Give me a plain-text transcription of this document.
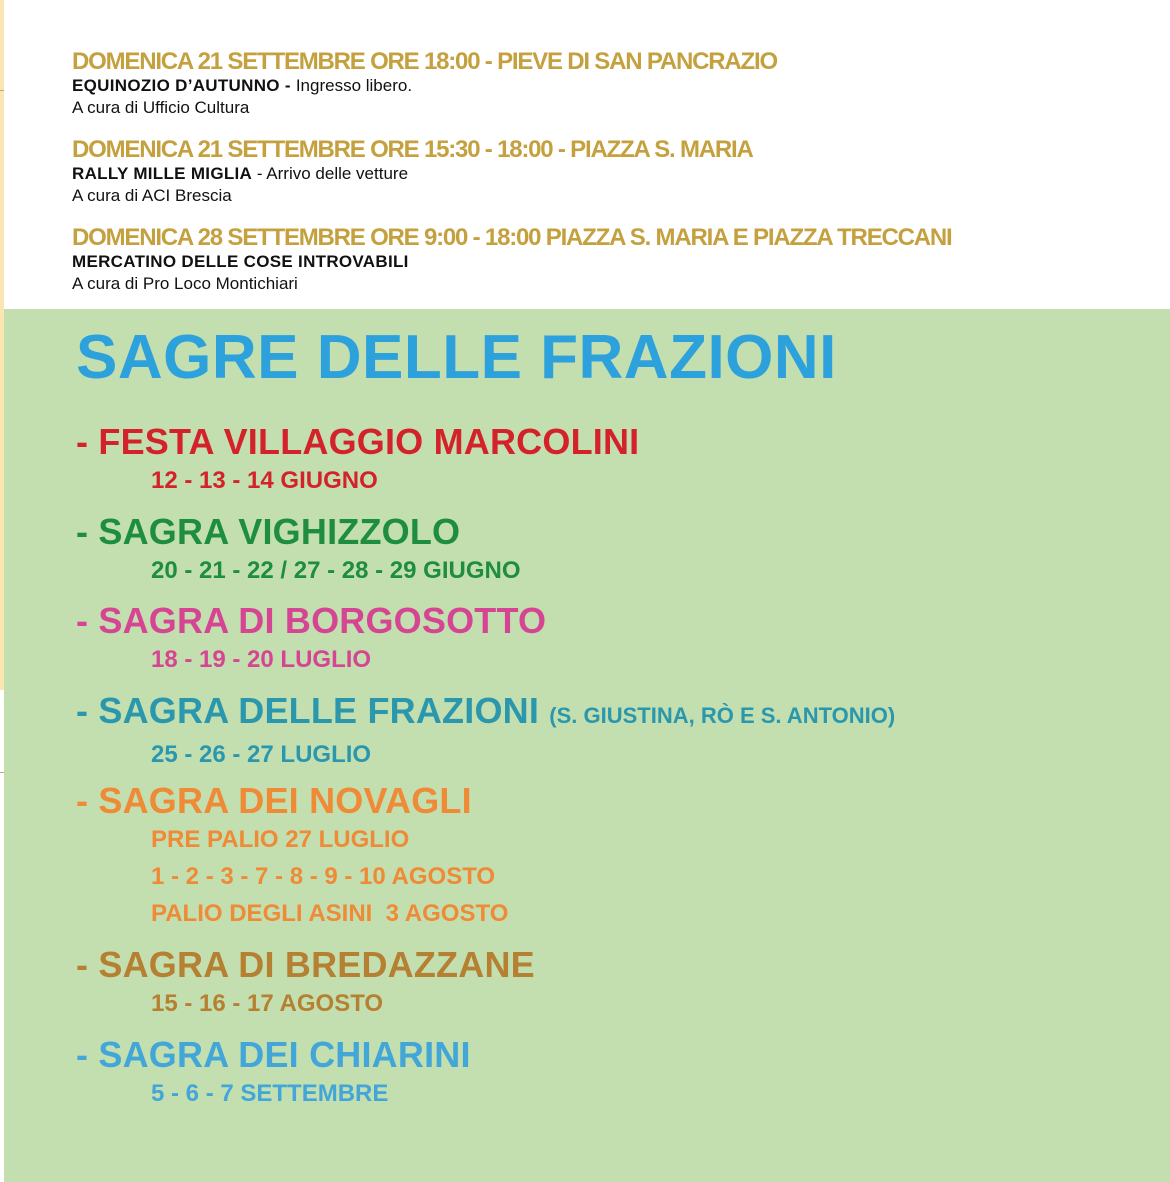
DOMENICA 21 SETTEMBRE ORE 18:00 - PIEVE DI SAN PANCRAZIO
EQUINOZIO D’AUTUNNO - Ingresso libero.
A cura di Ufficio Cultura
DOMENICA 21 SETTEMBRE ORE 15:30 - 18:00 - PIAZZA S. MARIA
RALLY MILLE MIGLIA - Arrivo delle vetture
A cura di ACI Brescia
DOMENICA 28 SETTEMBRE ORE 9:00 - 18:00 PIAZZA S. MARIA E PIAZZA TRECCANI
MERCATINO DELLE COSE INTROVABILI
A cura di Pro Loco Montichiari
SAGRE DELLE FRAZIONI
- FESTA VILLAGGIO MARCOLINI
12 - 13 - 14 GIUGNO
- SAGRA VIGHIZZOLO
20 - 21 - 22 / 27 - 28 - 29 GIUGNO
- SAGRA DI BORGOSOTTO
18 - 19 - 20 LUGLIO
- SAGRA DELLE FRAZIONI (S. GIUSTINA, RÒ E S. ANTONIO)
25 - 26 - 27 LUGLIO
- SAGRA DEI NOVAGLI
PRE PALIO 27 LUGLIO
1 - 2 - 3 - 7 - 8 - 9 - 10 AGOSTO
PALIO DEGLI ASINI  3 AGOSTO
- SAGRA DI BREDAZZANE
15 - 16 - 17 AGOSTO
- SAGRA DEI CHIARINI
5 - 6 - 7 SETTEMBRE
